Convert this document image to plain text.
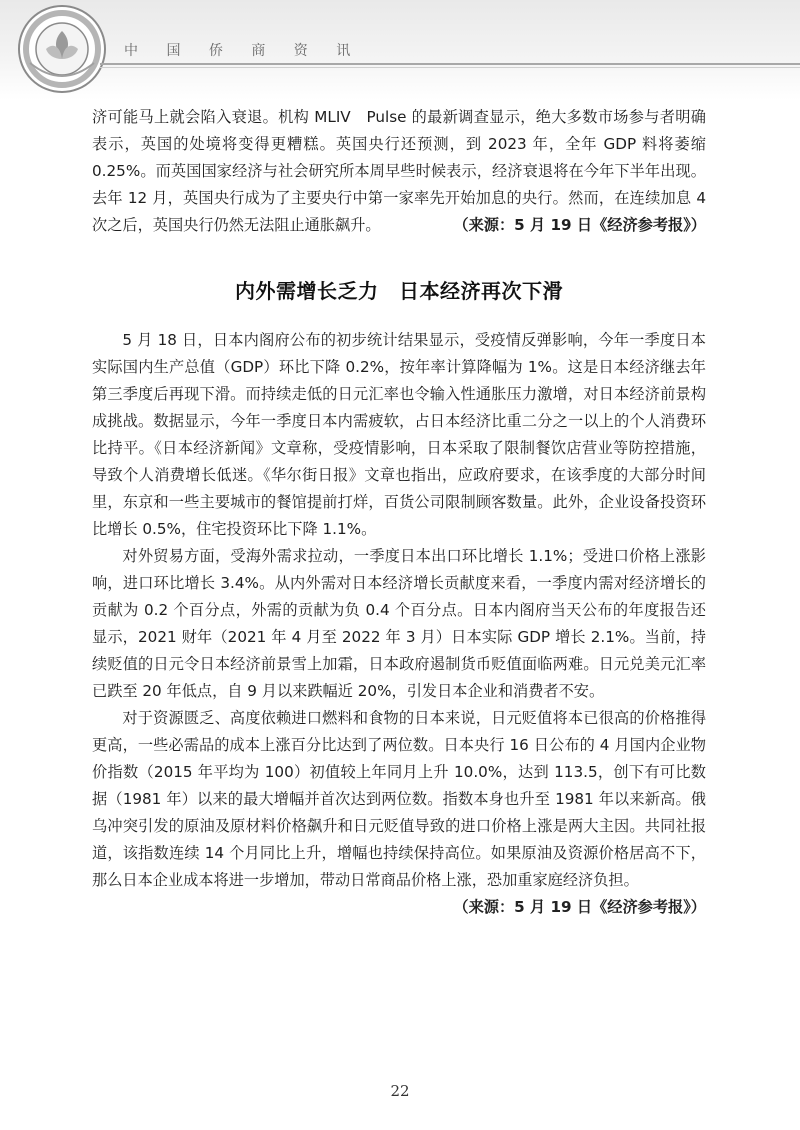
中 国 侨 商 资 讯

济可能马上就会陷入衰退。机构 MLIV　Pulse 的最新调查显示，绝大多数市场参与者明确表示，英国的处境将变得更糟糕。英国央行还预测，到 2023 年，全年 GDP 料将萎缩 0.25%。而英国国家经济与社会研究所本周早些时候表示，经济衰退将在今年下半年出现。去年 12 月，英国央行成为了主要央行中第一家率先开始加息的央行。然而，在连续加息 4 次之后，英国央行仍然无法阻止通胀飙升。	（来源：5 月 19 日《经济参考报》）

内外需增长乏力　日本经济再次下滑

5 月 18 日，日本内阁府公布的初步统计结果显示，受疫情反弹影响，今年一季度日本实际国内生产总值（GDP）环比下降 0.2%，按年率计算降幅为 1%。这是日本经济继去年第三季度后再现下滑。而持续走低的日元汇率也令输入性通胀压力激增，对日本经济前景构成挑战。数据显示，今年一季度日本内需疲软，占日本经济比重二分之一以上的个人消费环比持平。《日本经济新闻》文章称，受疫情影响，日本采取了限制餐饮店营业等防控措施，导致个人消费增长低迷。《华尔街日报》文章也指出，应政府要求，在该季度的大部分时间里，东京和一些主要城市的餐馆提前打烊，百货公司限制顾客数量。此外，企业设备投资环比增长 0.5%，住宅投资环比下降 1.1%。

对外贸易方面，受海外需求拉动，一季度日本出口环比增长 1.1%；受进口价格上涨影响，进口环比增长 3.4%。从内外需对日本经济增长贡献度来看，一季度内需对经济增长的贡献为 0.2 个百分点，外需的贡献为负 0.4 个百分点。日本内阁府当天公布的年度报告还显示，2021 财年（2021 年 4 月至 2022 年 3 月）日本实际 GDP 增长 2.1%。当前，持续贬值的日元令日本经济前景雪上加霜，日本政府遏制货币贬值面临两难。日元兑美元汇率已跌至 20 年低点，自 9 月以来跌幅近 20%，引发日本企业和消费者不安。

对于资源匮乏、高度依赖进口燃料和食物的日本来说，日元贬值将本已很高的价格推得更高，一些必需品的成本上涨百分比达到了两位数。日本央行 16 日公布的 4 月国内企业物价指数（2015 年平均为 100）初值较上年同月上升 10.0%，达到 113.5，创下有可比数据（1981 年）以来的最大增幅并首次达到两位数。指数本身也升至 1981 年以来新高。俄乌冲突引发的原油及原材料价格飙升和日元贬值导致的进口价格上涨是两大主因。共同社报道，该指数连续 14 个月同比上升，增幅也持续保持高位。如果原油及资源价格居高不下，那么日本企业成本将进一步增加，带动日常商品价格上涨，恐加重家庭经济负担。

（来源：5 月 19 日《经济参考报》）
22
